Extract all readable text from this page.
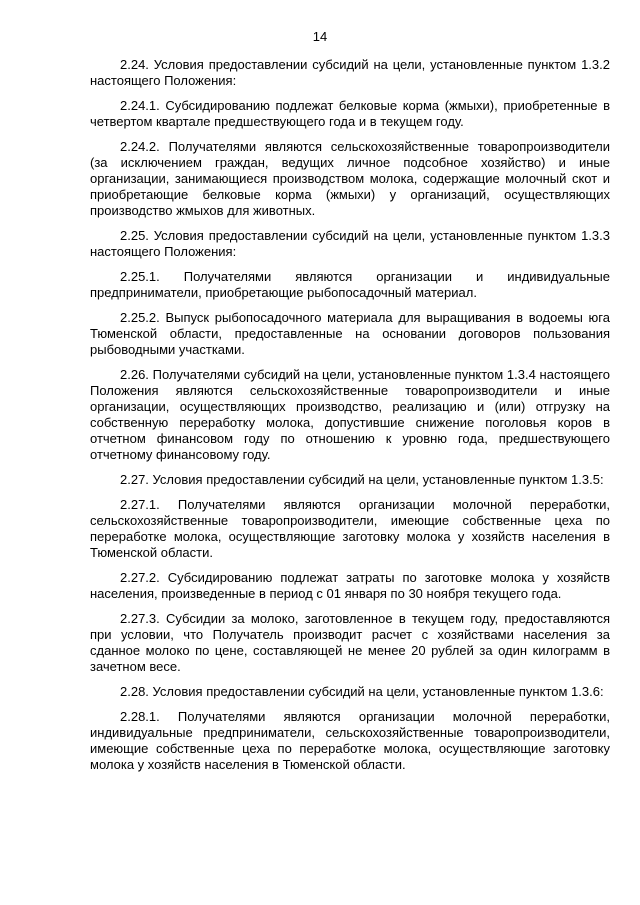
14

2.24. Условия предоставлении субсидий на цели, установленные пунктом 1.3.2 настоящего Положения:

2.24.1. Субсидированию подлежат белковые корма (жмыхи), приобретенные в четвертом квартале предшествующего года и в текущем году.

2.24.2. Получателями являются сельскохозяйственные товаропроизводители (за исключением граждан, ведущих личное подсобное хозяйство) и иные организации, занимающиеся производством молока, содержащие молочный скот и приобретающие белковые корма (жмыхи) у организаций, осуществляющих производство жмыхов для животных.

2.25. Условия предоставлении субсидий на цели, установленные пунктом 1.3.3 настоящего Положения:

2.25.1. Получателями являются организации и индивидуальные предприниматели, приобретающие рыбопосадочный материал.

2.25.2. Выпуск рыбопосадочного материала для выращивания в водоемы юга Тюменской области, предоставленные на основании договоров пользования рыбоводными участками.

2.26. Получателями субсидий на цели, установленные пунктом 1.3.4 настоящего Положения являются сельскохозяйственные товаропроизводители и иные организации, осуществляющих производство, реализацию и (или) отгрузку на собственную переработку молока, допустившие снижение поголовья коров в отчетном финансовом году по отношению к уровню года, предшествующего отчетному финансовому году.

2.27. Условия предоставлении субсидий на цели, установленные пунктом 1.3.5:

2.27.1. Получателями являются организации молочной переработки, сельскохозяйственные товаропроизводители, имеющие собственные цеха по переработке молока, осуществляющие заготовку молока у хозяйств населения в Тюменской области.

2.27.2. Субсидированию подлежат затраты по заготовке молока у хозяйств населения, произведенные в период с 01 января по 30 ноября текущего года.

2.27.3. Субсидии за молоко, заготовленное в текущем году, предоставляются при условии, что Получатель производит расчет с хозяйствами населения за сданное молоко по цене, составляющей не менее 20 рублей за один килограмм в зачетном весе.

2.28. Условия предоставлении субсидий на цели, установленные пунктом 1.3.6:

2.28.1. Получателями являются организации молочной переработки, индивидуальные предприниматели, сельскохозяйственные товаропроизводители, имеющие собственные цеха по переработке молока, осуществляющие заготовку молока у хозяйств населения в Тюменской области.
